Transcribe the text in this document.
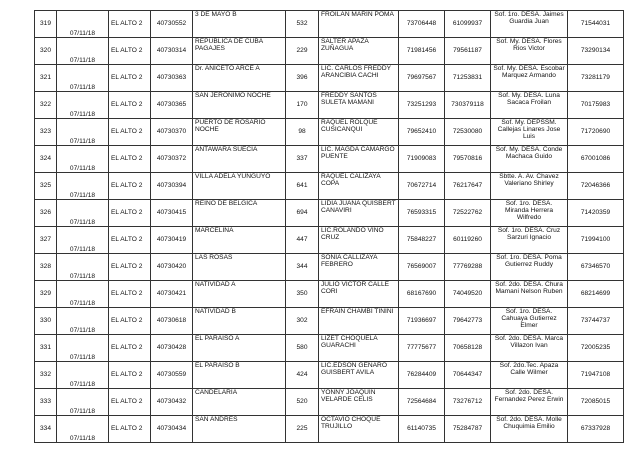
319	07/11/18	EL ALTO 2	40730552	3 DE MAYO B	532	FROILAN MARIN POMA	73706448	61099937	Sof. 1ro. DESA. Jaimes Guardia Juan	71544031
320	07/11/18	EL ALTO 2	40730314	REPUBLICA DE CUBA PAGAJES	229	SALTER APAZA ZUÑAGUA	71981456	79561187	Sof. My. DESA. Flores Rios Victor	73290134
321	07/11/18	EL ALTO 2	40730363	Dr. ANICETO ARCE A	396	LIC. CARLOS FREDDY ARANCIBIA CACHI	79697567	71253831	Sof. My. DESA. Escobar Marquez Armando	73281179
322	07/11/18	EL ALTO 2	40730365	SAN JERONIMO NOCHE	170	FREDDY SANTOS SULETA MAMANI	73251293	730379118	Sof. My. DESA. Luna Sacaca Froilan	70175983
323	07/11/18	EL ALTO 2	40730370	PUERTO DE ROSARIO NOCHE	98	RAQUEL ROLQUE CUSICANQUI	79652410	72530080	Sof. My. DEPSSM. Callejas Linares Jose Luis	71720690
324	07/11/18	EL ALTO 2	40730372	ANTAWARA SUECIA	337	LIC. MAGDA CAMARGO PUENTE	71909083	79570816	Sof. My. DESA. Conde Machaca Guido	67001086
325	07/11/18	EL ALTO 2	40730394	VILLA ADELA YUNGUYO	641	RAQUEL CALIZAYA COPA	70672714	76217647	Sbtte. A. Av. Chavez Valeriano Shirley	72046366
326	07/11/18	EL ALTO 2	40730415	REINO DE BELGICA	694	LIDIA JUANA QUISBERT CANAVIRI	76593315	72522762	Sof. 1ro. DESA. Miranda Herrera Wilfredo	71420359
327	07/11/18	EL ALTO 2	40730419	MARCELINA	447	LIC.ROLANDO VINO CRUZ	75848227	60119260	Sof. 1ro. DESA. Cruz Sarzuri Ignacio	71994100
328	07/11/18	EL ALTO 2	40730420	LAS ROSAS	344	SONIA CALLIZAYA FEBRERO	76569007	77769288	Sof. 1ro. DESA. Poma Gutierrez Ruddy	67346570
329	07/11/18	EL ALTO 2	40730421	NATIVIDAD A	350	JULIO VICTOR CALLE CORI	68167690	74049520	Sof. 2do. DESA. Chura Mamani Nelson Ruben	68214699
330	07/11/18	EL ALTO 2	40730618	NATIVIDAD B	302	EFRAIN CHAMBI TIÑINI	71936697	79642773	Sof. 1ro. DESA. Cahuaya Gutierrez Elmer	73744737
331	07/11/18	EL ALTO 2	40730428	EL PARAISO A	580	LIZET CHOQUELA GUARACHI	77775677	70658128	Sof. 2do. DESA. Marca Villazon Ivan	72005235
332	07/11/18	EL ALTO 2	40730559	EL PARAISO B	424	LIC.EDSON GENARO GUISBERT AVILA	76284409	70644347	Sof. 2do.Tec. Apaza Calle Wilmer	71947108
333	07/11/18	EL ALTO 2	40730432	CANDELARIA	520	YONNY JOAQUIN VELARDE CELIS	72564684	73276712	Sof. 2do. DESA. Fernandez Perez Erwin	72085015
334	07/11/18	EL ALTO 2	40730434	SAN ANDRES	225	OCTAVIO CHOQUE TRUJILLO	61140735	75284787	Sof. 2do. DESA. Molle Chuquimia Emilio	67337928
